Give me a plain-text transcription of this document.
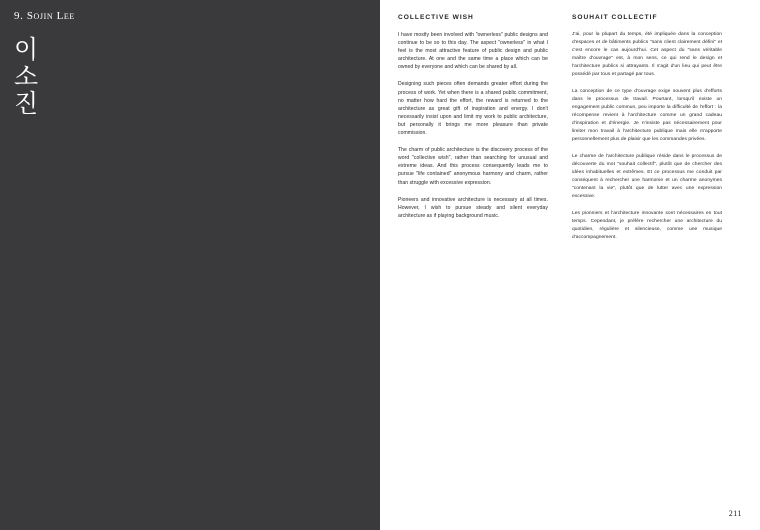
9. Sojin Lee
이
소
진
COLLECTIVE WISH

I have mostly been involved with "ownerless" public designs and continue to be so to this day. The aspect "ownerless" in what I feel is the most attractive feature of public design and public architecture. At one and the same time a place which can be owned by everyone and which can be shared by all.

Designing such pieces often demands greater effort during the process of work. Yet when there is a shared public commitment, no matter how hard the effort, the reward is returned to the architecture as great gift of inspiration and energy. I don't necessarily insist upon and limit my work to public architecture, but personally it brings me more pleasure than private commission.

The charm of public architecture is the discovery process of the word "collective wish", rather than searching for unusual and extreme ideas. And this process consequently leads me to pursue "life contained" anonymous harmony and charm, rather than struggle with excessive expression.

Pioneers and innovative architecture is necessary at all times. However, I wish to pursue steady and silent everyday architecture as if playing background music.

SOUHAIT COLLECTIF

J'ai, pour la plupart du temps, été impliquée dans la conception d'espaces et de bâtiments publics "sans client clairement défini" et c'est encore le cas aujourd'hui. Cet aspect du "sans véritable maître d'ouvrage" est, à mon sens, ce qui rend le design et l'architecture publics si attrayants. Il s'agit d'un lieu qui peut être possédé par tous et partagé par tous.

La conception de ce type d'ouvrage exige souvent plus d'efforts dans le processus de travail. Pourtant, lorsqu'il existe un engagement public commun, peu importe la difficulté de l'effort : la récompense revient à l'architecture comme un grand cadeau d'inspiration et d'énergie. Je n'insiste pas nécessairement pour limiter mon travail à l'architecture publique mais elle m'apporte personnellement plus de plaisir que les commandes privées.

Le charme de l'architecture publique réside dans le processus de découverte du mot "souhait collectif", plutôt que de chercher des idées inhabituelles et extrêmes. Et ce processus me conduit par conséquent à rechercher une harmonie et un charme anonymes "contenant la vie", plutôt que de lutter avec une expression excessive.

Les pionniers et l'architecture innovante sont nécessaires en tout temps. Cependant, je préfère rechercher une architecture du quotidien, régulière et silencieuse, comme une musique d'accompagnement.

211
